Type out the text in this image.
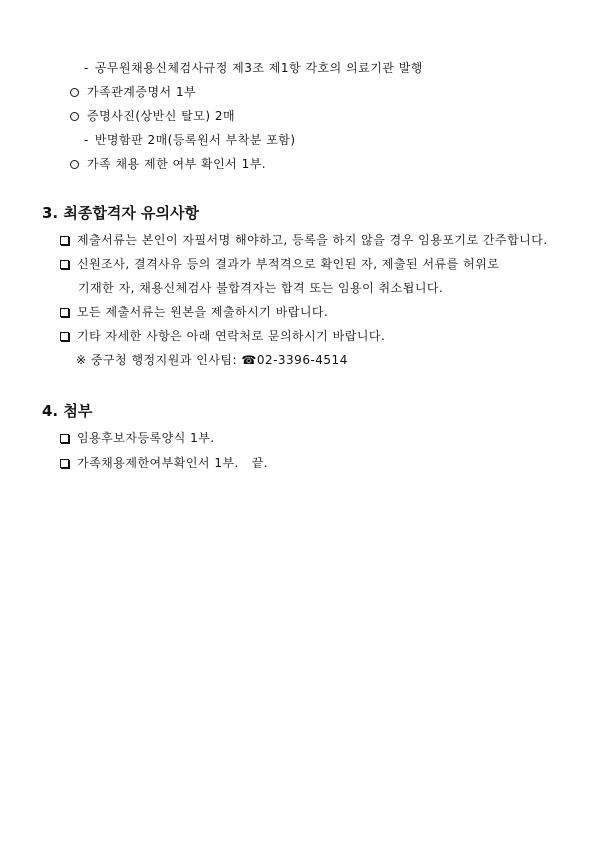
- 공무원채용신체검사규정 제3조 제1항 각호의 의료기관 발행
가족관계증명서 1부
증명사진(상반신 탈모) 2매
- 반명함판 2매(등록원서 부착분 포함)
가족 채용 제한 여부 확인서 1부.
3. 최종합격자 유의사항
제출서류는 본인이 자필서명 해야하고, 등록을 하지 않을 경우 임용포기로 간주합니다.
신원조사, 결격사유 등의 결과가 부적격으로 확인된 자, 제출된 서류를 허위로
기재한 자, 채용신체검사 불합격자는 합격 또는 임용이 취소됩니다.
모든 제출서류는 원본을 제출하시기 바랍니다.
기타 자세한 사항은 아래 연락처로 문의하시기 바랍니다.
※ 중구청 행정지원과 인사팀: ☎02-3396-4514
4. 첨부
임용후보자등록양식 1부.
가족채용제한여부확인서 1부.   끝.
